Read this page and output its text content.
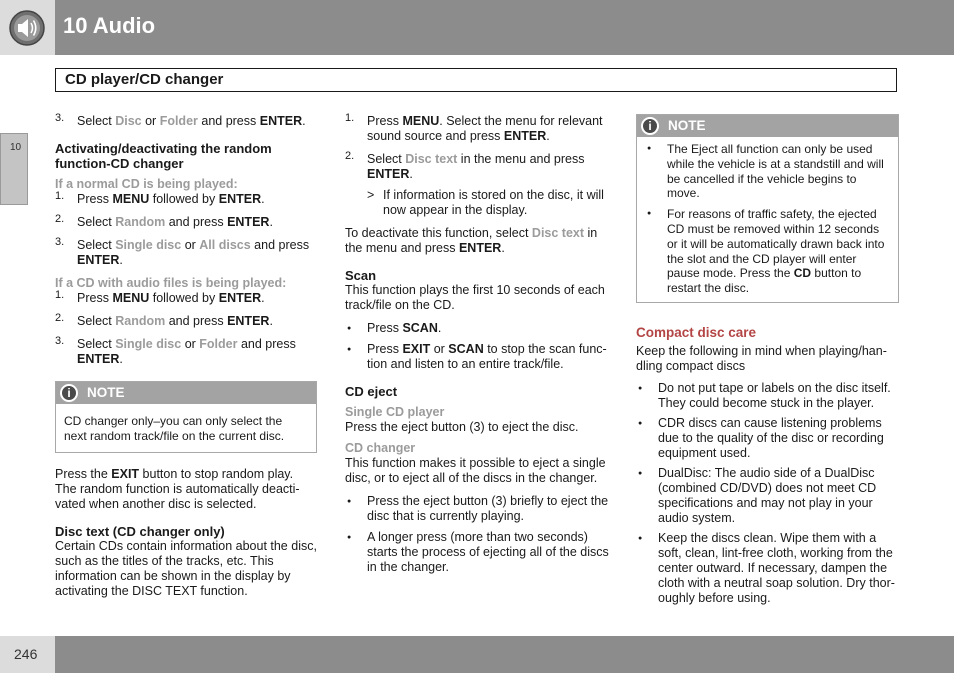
10 Audio
CD player/CD changer
10

3. Select Disc or Folder and press ENTER.

Activating/deactivating the random function-CD changer

If a normal CD is being played:

1. Press MENU followed by ENTER.

2. Select Random and press ENTER.

3. Select Single disc or All discs and press
ENTER.

If a CD with audio files is being played:

1. Press MENU followed by ENTER.

2. Select Random and press ENTER.

3. Select Single disc or Folder and press
ENTER.

i	NOTE

CD changer only–you can only select the next random track/file on the current disc.

Press the EXIT button to stop random play. The random function is automatically deacti-vated when another disc is selected.

Disc text (CD changer only)

Certain CDs contain information about the disc, such as the titles of the tracks, etc. This information can be shown in the display by activating the DISC TEXT function.

1. Press MENU. Select the menu for relevant sound source and press ENTER.

2. Select Disc text in the menu and press
ENTER.

> If information is stored on the disc, it will now appear in the display.

To deactivate this function, select Disc text in the menu and press ENTER.

Scan

This function plays the first 10 seconds of each track/file on the CD.

● Press SCAN.

● Press EXIT or SCAN to stop the scan func-tion and listen to an entire track/file.

CD eject

Single CD player

Press the eject button (3) to eject the disc.

CD changer

This function makes it possible to eject a single disc, or to eject all of the discs in the changer.

● Press the eject button (3) briefly to eject the disc that is currently playing.

● A longer press (more than two seconds) starts the process of ejecting all of the discs in the changer.

i	NOTE

● The Eject all function can only be used while the vehicle is at a standstill and will be cancelled if the vehicle begins to move.

● For reasons of traffic safety, the ejected CD must be removed within 12 seconds or it will be automatically drawn back into the slot and the CD player will enter pause mode. Press the CD button to restart the disc.

Compact disc care

Keep the following in mind when playing/han-dling compact discs

● Do not put tape or labels on the disc itself. They could become stuck in the player.

● CDR discs can cause listening problems due to the quality of the disc or recording equipment used.

● DualDisc: The audio side of a DualDisc (combined CD/DVD) does not meet CD specifications and may not play in your audio system.

● Keep the discs clean. Wipe them with a soft, clean, lint-free cloth, working from the center outward. If necessary, dampen the cloth with a neutral soap solution. Dry thor-oughly before using.

246
